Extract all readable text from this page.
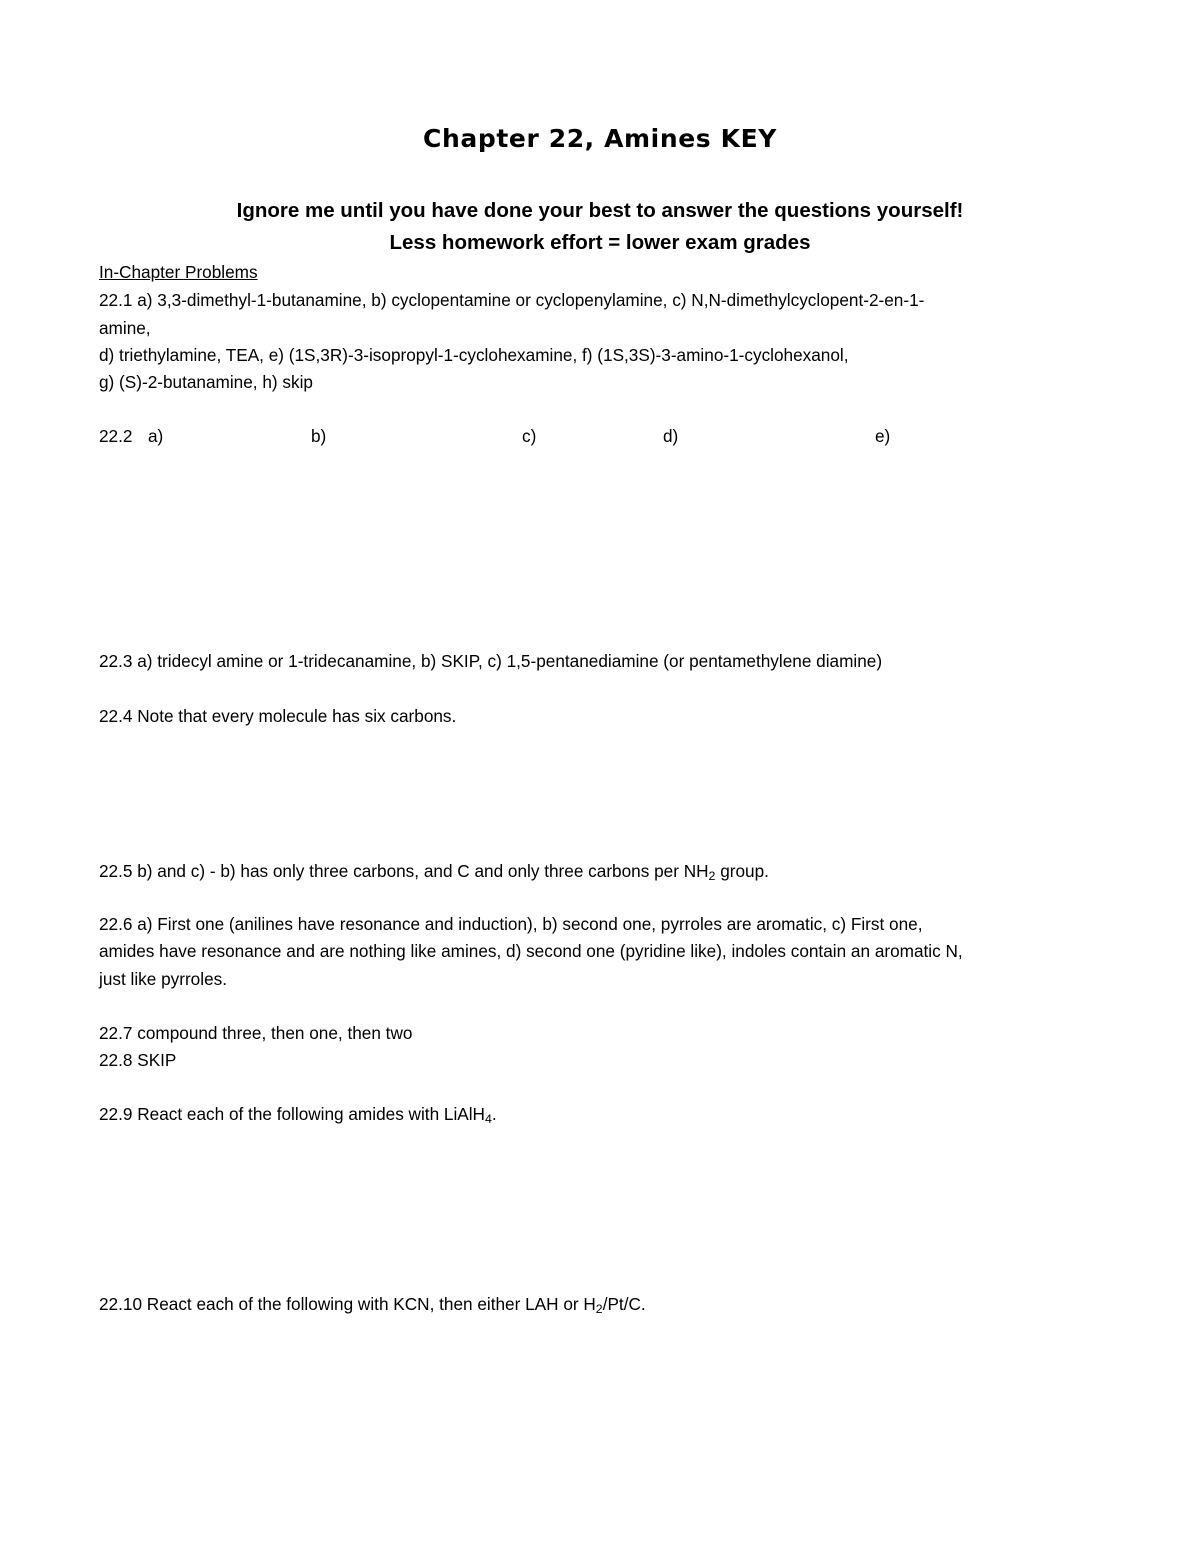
Chapter 22, Amines KEY
Ignore me until you have done your best to answer the questions yourself!
Less homework effort = lower exam grades
In-Chapter Problems
22.1 a) 3,3-dimethyl-1-butanamine, b) cyclopentamine or cyclopenylamine, c) N,N-dimethylcyclopent-2-en-1-
amine,
d) triethylamine, TEA, e) (1S,3R)-3-isopropyl-1-cyclohexamine, f) (1S,3S)-3-amino-1-cyclohexanol,
g) (S)-2-butanamine, h) skip
22.2 a)	b)	c)	d)	e)
22.3 a) tridecyl amine or 1-tridecanamine, b) SKIP, c) 1,5-pentanediamine (or pentamethylene diamine)
22.4 Note that every molecule has six carbons.
22.5 b) and c) - b) has only three carbons, and C and only three carbons per $NH_2$ group.
22.6 a) First one (anilines have resonance and induction), b) second one, pyrroles are aromatic, c) First one,
amides have resonance and are nothing like amines, d) second one (pyridine like), indoles contain an aromatic N,
just like pyrroles.
22.7 compound three, then one, then two
22.8 SKIP
22.9 React each of the following amides with LiAlH$_4$.
22.10 React each of the following with KCN, then either LAH or $H_2/Pt/C$.
